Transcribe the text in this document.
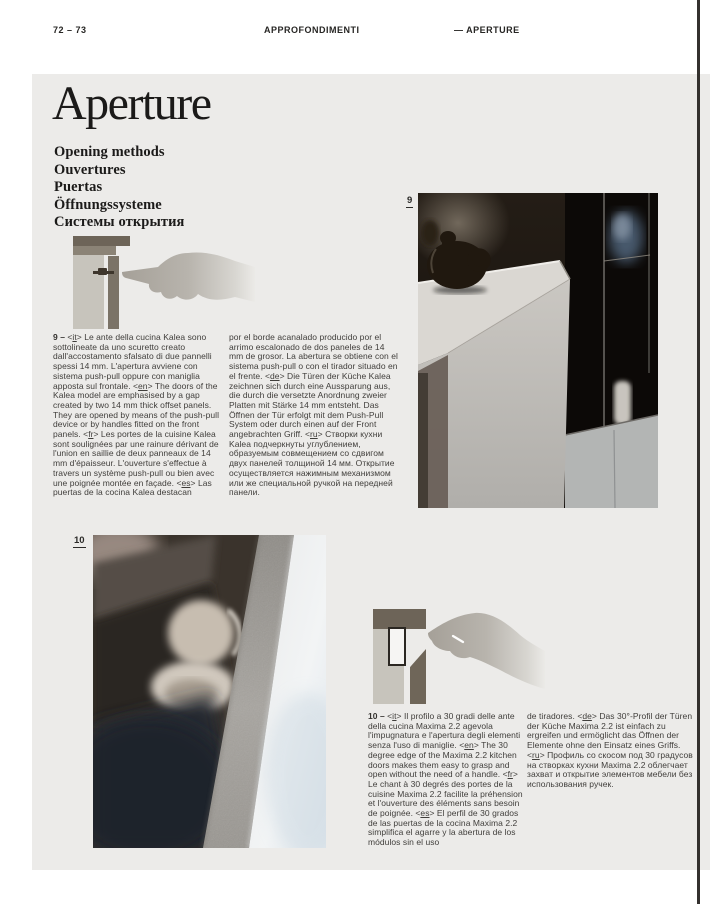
72 – 73	APPROFONDIMENTI	— APERTURE
Aperture
Opening methods
Ouvertures
Puertas
Öffnungssysteme
Системы открытия
9
9 – <it> Le ante della cucina Kalea sono sottolineate da uno scuretto creato dall'accostamento sfalsato di due pannelli spessi 14 mm. L'apertura avviene con sistema push-pull oppure con maniglia apposta sul frontale. <en> The doors of the Kalea model are emphasised by a gap created by two 14 mm thick offset panels. They are opened by means of the push-pull device or by handles fitted on the front panels. <fr> Les portes de la cuisine Kalea sont soulignées par une rainure dérivant de l'union en saillie de deux panneaux de 14 mm d'épaisseur. L'ouverture s'effectue à travers un système push-pull ou bien avec une poignée montée en façade. <es> Las puertas de la cocina Kalea destacan
por el borde acanalado producido por el arrimo escalonado de dos paneles de 14 mm de grosor. La abertura se obtiene con el sistema push-pull o con el tirador situado en el frente. <de> Die Türen der Küche Kalea zeichnen sich durch eine Aussparung aus, die durch die versetzte Anordnung zweier Platten mit Stärke 14 mm entsteht. Das Öffnen der Tür erfolgt mit dem Push-Pull System oder durch einen auf der Front angebrachten Griff. <ru> Створки кухни Kalea подчеркнуты углублением, образуемым совмещением со сдвигом двух панелей толщиной 14 мм. Открытие осуществляется нажимным механизмом или же специальной ручкой на передней панели.
10
10 – <it> Il profilo a 30 gradi delle ante della cucina Maxima 2.2 agevola l'impugnatura e l'apertura degli elementi senza l'uso di maniglie. <en> The 30 degree edge of the Maxima 2.2 kitchen doors makes them easy to grasp and open without the need of a handle. <fr> Le chant à 30 degrés des portes de la cuisine Maxima 2.2 facilite la préhension et l'ouverture des éléments sans besoin de poignée. <es> El perfil de 30 grados de las puertas de la cocina Maxima 2.2 simplifica el agarre y la abertura de los módulos sin el uso
de tiradores. <de> Das 30°-Profil der Türen der Küche Maxima 2.2 ist einfach zu ergreifen und ermöglicht das Öffnen der Elemente ohne den Einsatz eines Griffs. <ru> Профиль со скосом под 30 градусов на створках кухни Maxima 2.2 облегчает захват и открытие элементов мебели без использования ручек.
